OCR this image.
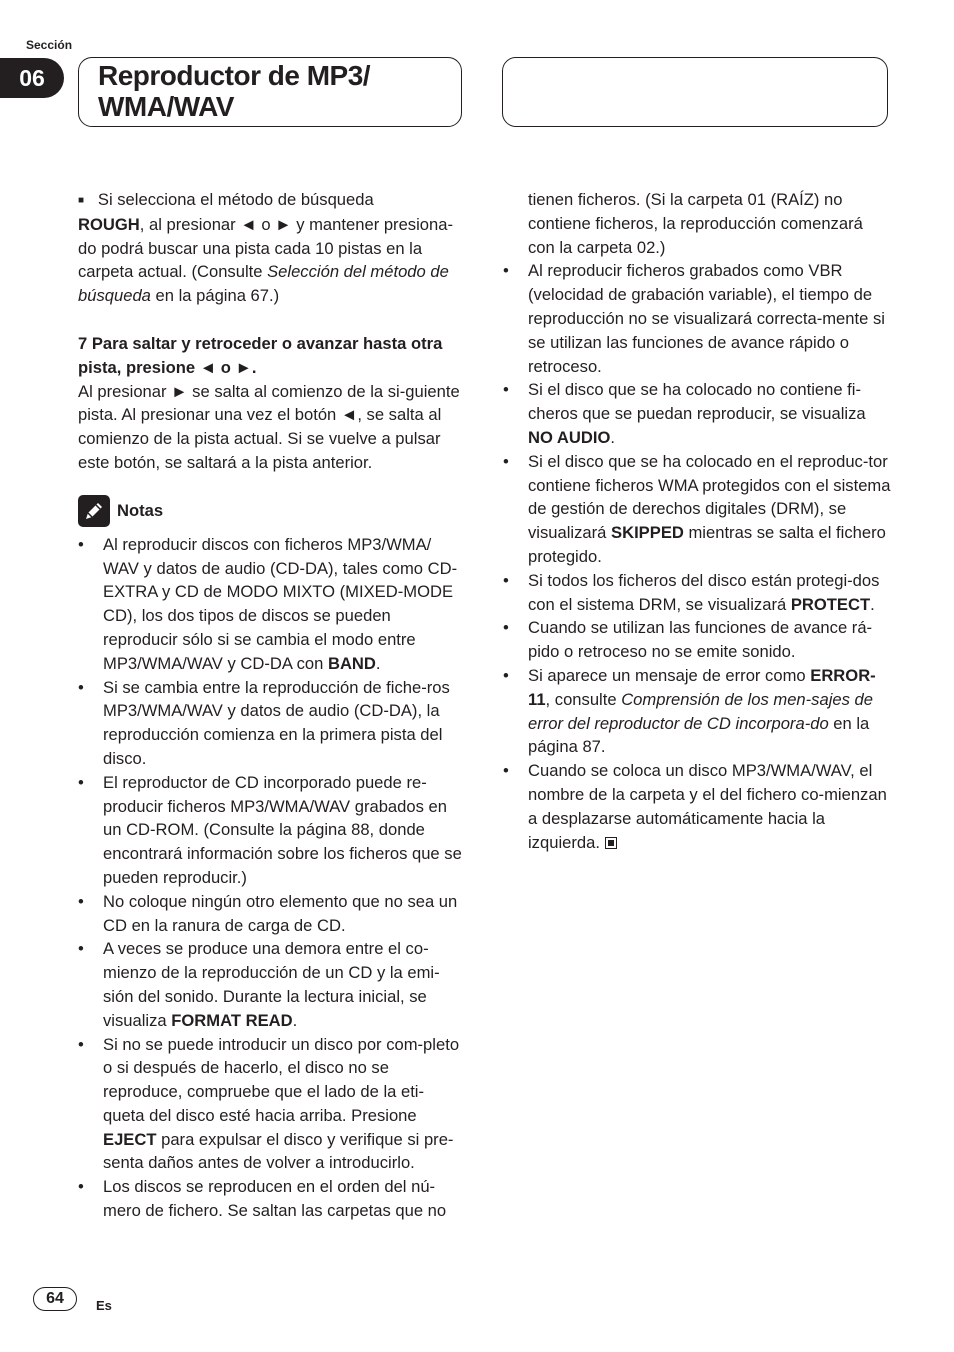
Sección
06	Reproductor de MP3/
WMA/WAV

■ Si selecciona el método de búsqueda
ROUGH, al presionar ◄ o ► y mantener presiona-do podrá buscar una pista cada 10 pistas en la carpeta actual. (Consulte Selección del método de búsqueda en la página 67.)

7 Para saltar y retroceder o avanzar hasta otra pista, presione ◄ o ►.

Al presionar ► se salta al comienzo de la si-guiente pista. Al presionar una vez el botón ◄, se salta al comienzo de la pista actual. Si se vuelve a pulsar este botón, se saltará a la pista anterior.

Notas
• Al reproducir discos con ficheros MP3/WMA/ WAV y datos de audio (CD-DA), tales como CD-EXTRA y CD de MODO MIXTO (MIXED-MODE CD), los dos tipos de discos se pueden reproducir sólo si se cambia el modo entre MP3/WMA/WAV y CD-DA con BAND.
• Si se cambia entre la reproducción de fiche-ros MP3/WMA/WAV y datos de audio (CD-DA), la reproducción comienza en la primera pista del disco.
• El reproductor de CD incorporado puede re-producir ficheros MP3/WMA/WAV grabados en un CD-ROM. (Consulte la página 88, donde encontrará información sobre los ficheros que se pueden reproducir.)
• No coloque ningún otro elemento que no sea un CD en la ranura de carga de CD.
• A veces se produce una demora entre el co-mienzo de la reproducción de un CD y la emi-sión del sonido. Durante la lectura inicial, se visualiza FORMAT READ.
• Si no se puede introducir un disco por com-pleto o si después de hacerlo, el disco no se reproduce, compruebe que el lado de la eti-queta del disco esté hacia arriba. Presione EJECT para expulsar el disco y verifique si pre-senta daños antes de volver a introducirlo.
• Los discos se reproducen en el orden del nú-mero de fichero. Se saltan las carpetas que no

tienen ficheros. (Si la carpeta 01 (RAÍZ) no contiene ficheros, la reproducción comenzará con la carpeta 02.)

• Al reproducir ficheros grabados como VBR (velocidad de grabación variable), el tiempo de reproducción no se visualizará correcta-mente si se utilizan las funciones de avance rápido o retroceso.
• Si el disco que se ha colocado no contiene fi-cheros que se puedan reproducir, se visualiza NO AUDIO.
• Si el disco que se ha colocado en el reproduc-tor contiene ficheros WMA protegidos con el sistema de gestión de derechos digitales (DRM), se visualizará SKIPPED mientras se salta el fichero protegido.
• Si todos los ficheros del disco están protegi-dos con el sistema DRM, se visualizará PROTECT.
• Cuando se utilizan las funciones de avance rá-pido o retroceso no se emite sonido.
• Si aparece un mensaje de error como ERROR-11, consulte Comprensión de los men-sajes de error del reproductor de CD incorpora-do en la página 87.
• Cuando se coloca un disco MP3/WMA/WAV, el nombre de la carpeta y el del fichero co-mienzan a desplazarse automáticamente hacia la izquierda.
64	Es
